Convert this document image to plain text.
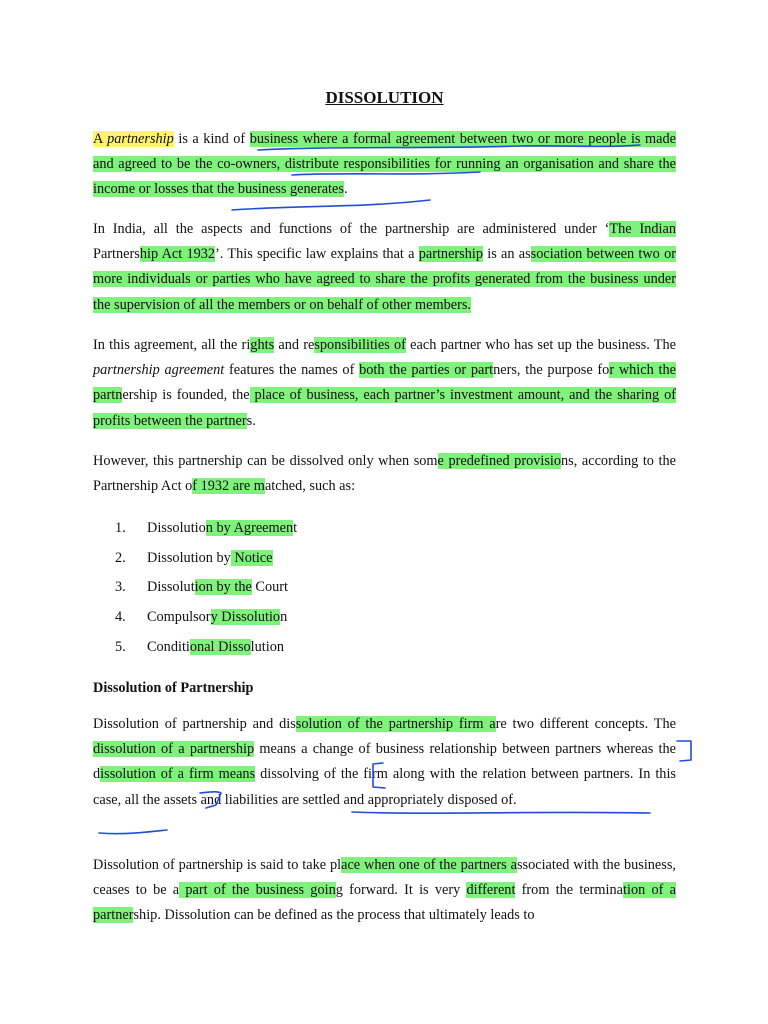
DISSOLUTION

A partnership is a kind of business where a formal agreement between two or more people is made and agreed to be the co-owners, distribute responsibilities for running an organisation and share the income or losses that the business generates.

In India, all the aspects and functions of the partnership are administered under ‘The Indian Partnership Act 1932’. This specific law explains that a partnership is an association between two or more individuals or parties who have agreed to share the profits generated from the business under the supervision of all the members or on behalf of other members.

In this agreement, all the rights and responsibilities of each partner who has set up the business. The partnership agreement features the names of both the parties or partners, the purpose for which the partnership is founded, the place of business, each partner’s investment amount, and the sharing of profits between the partners.

However, this partnership can be dissolved only when some predefined provisions, according to the Partnership Act of 1932 are matched, such as:

1.	Dissolution by Agreement
2.	Dissolution by Notice
3.	Dissolution by the Court
4.	Compulsory Dissolution
5.	Conditional Dissolution
Dissolution of Partnership

Dissolution of partnership and dissolution of the partnership firm are two different concepts. The dissolution of a partnership means a change of business relationship between partners whereas the dissolution of a firm means dissolving of the firm along with the relation between partners. In this case, all the assets and liabilities are settled and appropriately disposed of.

Dissolution of partnership is said to take place when one of the partners associated with the business, ceases to be a part of the business going forward. It is very different from the termination of a partnership. Dissolution can be defined as the process that ultimately leads to
